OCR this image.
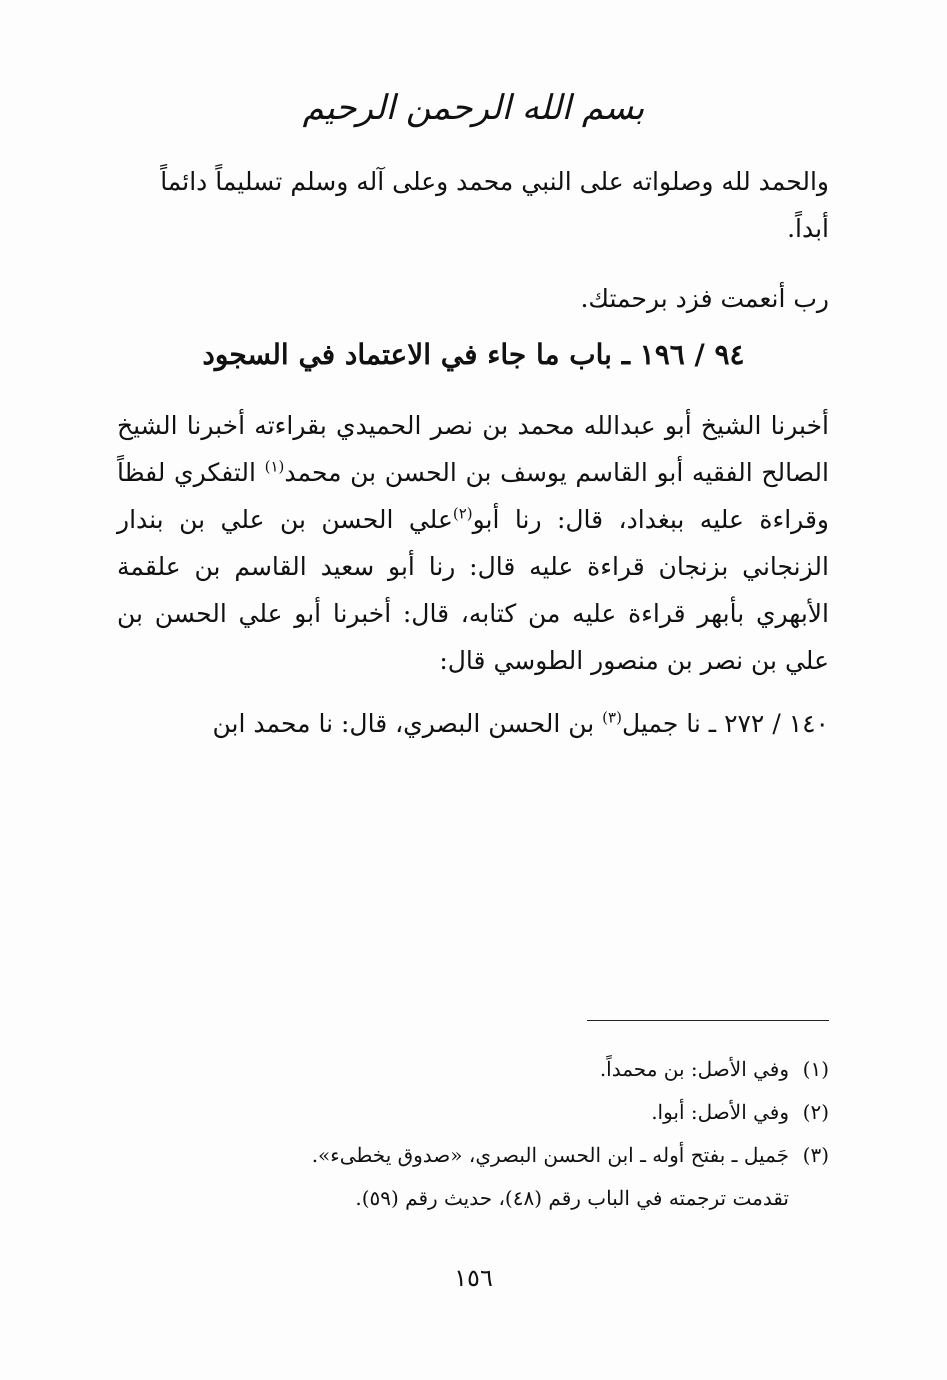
بسم الله الرحمن الرحيم
والحمد لله وصلواته على النبي محمد وعلى آله وسلم تسليماً دائماً أبداً.
رب أنعمت فزد برحمتك.
٩٤ / ١٩٦ ـ باب ما جاء في الاعتماد في السجود
أخبرنا الشيخ أبو عبدالله محمد بن نصر الحميدي بقراءته أخبرنا الشيخ الصالح الفقيه أبو القاسم يوسف بن الحسن بن محمد$^{(١)}$ التفكري لفظاً وقراءة عليه ببغداد، قال: رنا أبو$^{(٢)}$علي الحسن بن علي بن بندار الزنجاني بزنجان قراءة عليه قال: رنا أبو سعيد القاسم بن علقمة الأبهري بأبهر قراءة عليه من كتابه، قال: أخبرنا أبو علي الحسن بن علي بن نصر بن منصور الطوسي قال:
١٤٠ / ٢٧٢ ـ نا جميل$^{(٣)}$ بن الحسن البصري، قال: نا محمد ابن
(١)
وفي الأصل: بن محمداً.
(٢)
وفي الأصل: أبوا.
(٣)
جَميل ـ بفتح أوله ـ ابن الحسن البصري، «صدوق يخطىء».
تقدمت ترجمته في الباب رقم (٤٨)، حديث رقم (٥٩).
١٥٦
